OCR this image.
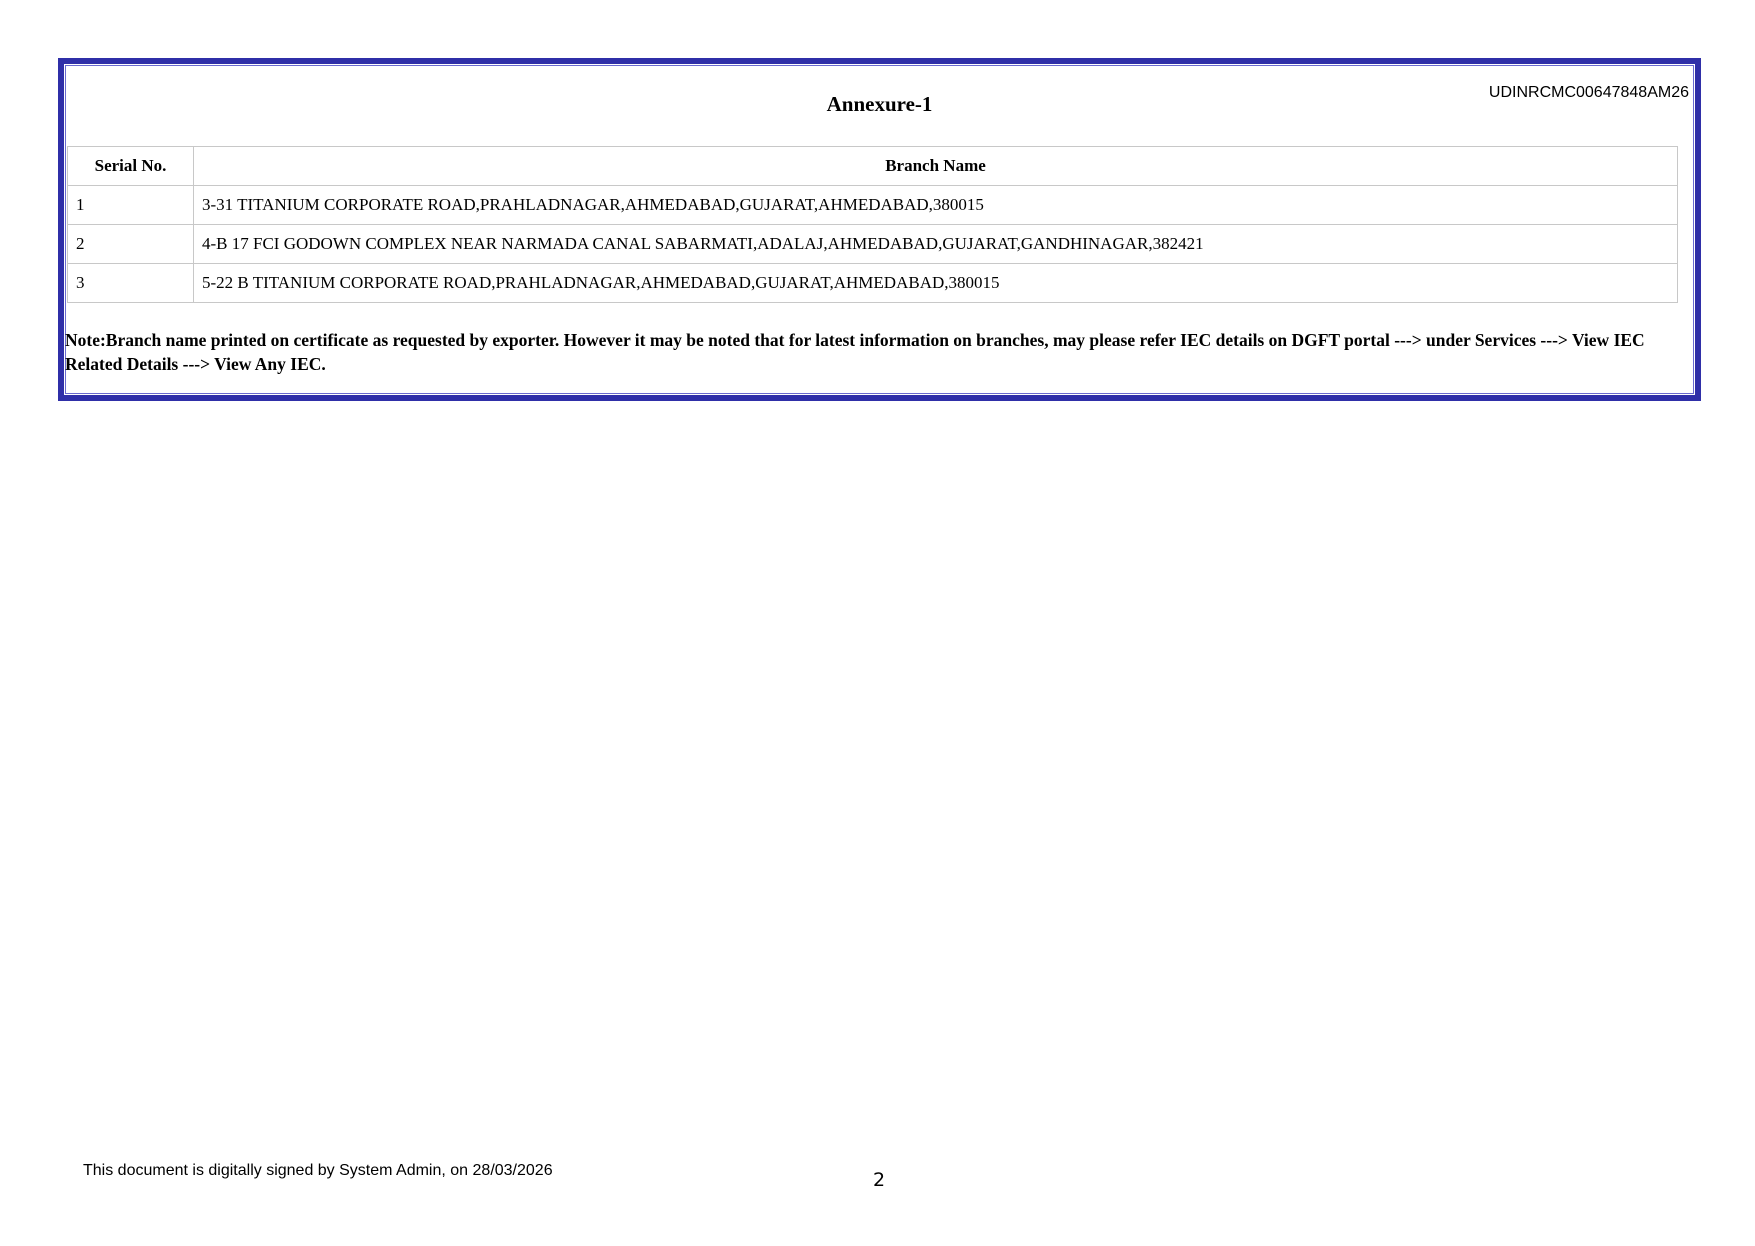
UDINRCMC00647848AM26
Annexure-1
Serial No.	Branch Name
1	3-31 TITANIUM CORPORATE ROAD,PRAHLADNAGAR,AHMEDABAD,GUJARAT,AHMEDABAD,380015
2	4-B 17 FCI GODOWN COMPLEX NEAR NARMADA CANAL SABARMATI,ADALAJ,AHMEDABAD,GUJARAT,GANDHINAGAR,382421
3	5-22 B TITANIUM CORPORATE ROAD,PRAHLADNAGAR,AHMEDABAD,GUJARAT,AHMEDABAD,380015
Note:Branch name printed on certificate as requested by exporter. However it may be noted that for latest information on branches, may please refer IEC details on DGFT portal ---> under Services ---> View IEC Related Details ---> View Any IEC.
This document is digitally signed by System Admin, on 28/03/2026	2
